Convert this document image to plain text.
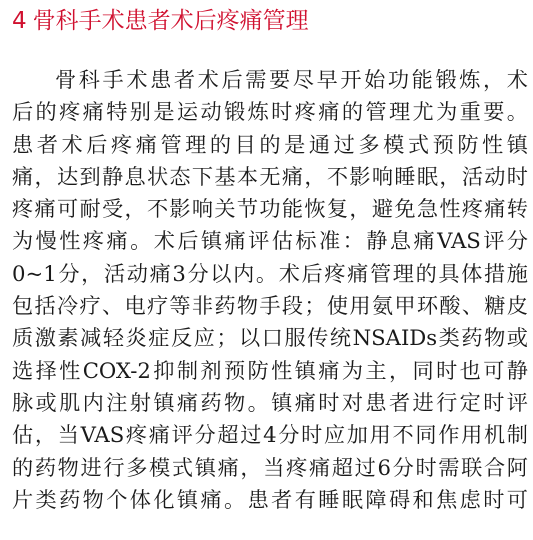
4 骨科手术患者术后疼痛管理
骨科手术患者术后需要尽早开始功能锻炼，术
后的疼痛特别是运动锻炼时疼痛的管理尤为重要。
患者术后疼痛管理的目的是通过多模式预防性镇
痛，达到静息状态下基本无痛，不影响睡眠，活动时
疼痛可耐受，不影响关节功能恢复，避免急性疼痛转
为慢性疼痛。术后镇痛评估标准：静息痛VAS评分
0~1分，活动痛3分以内。术后疼痛管理的具体措施
包括冷疗、电疗等非药物手段；使用氨甲环酸、糖皮
质激素减轻炎症反应；以口服传统NSAIDs类药物或
选择性COX-2抑制剂预防性镇痛为主，同时也可静
脉或肌内注射镇痛药物。镇痛时对患者进行定时评
估，当VAS疼痛评分超过4分时应加用不同作用机制
的药物进行多模式镇痛，当疼痛超过6分时需联合阿
片类药物个体化镇痛。患者有睡眠障碍和焦虑时可
